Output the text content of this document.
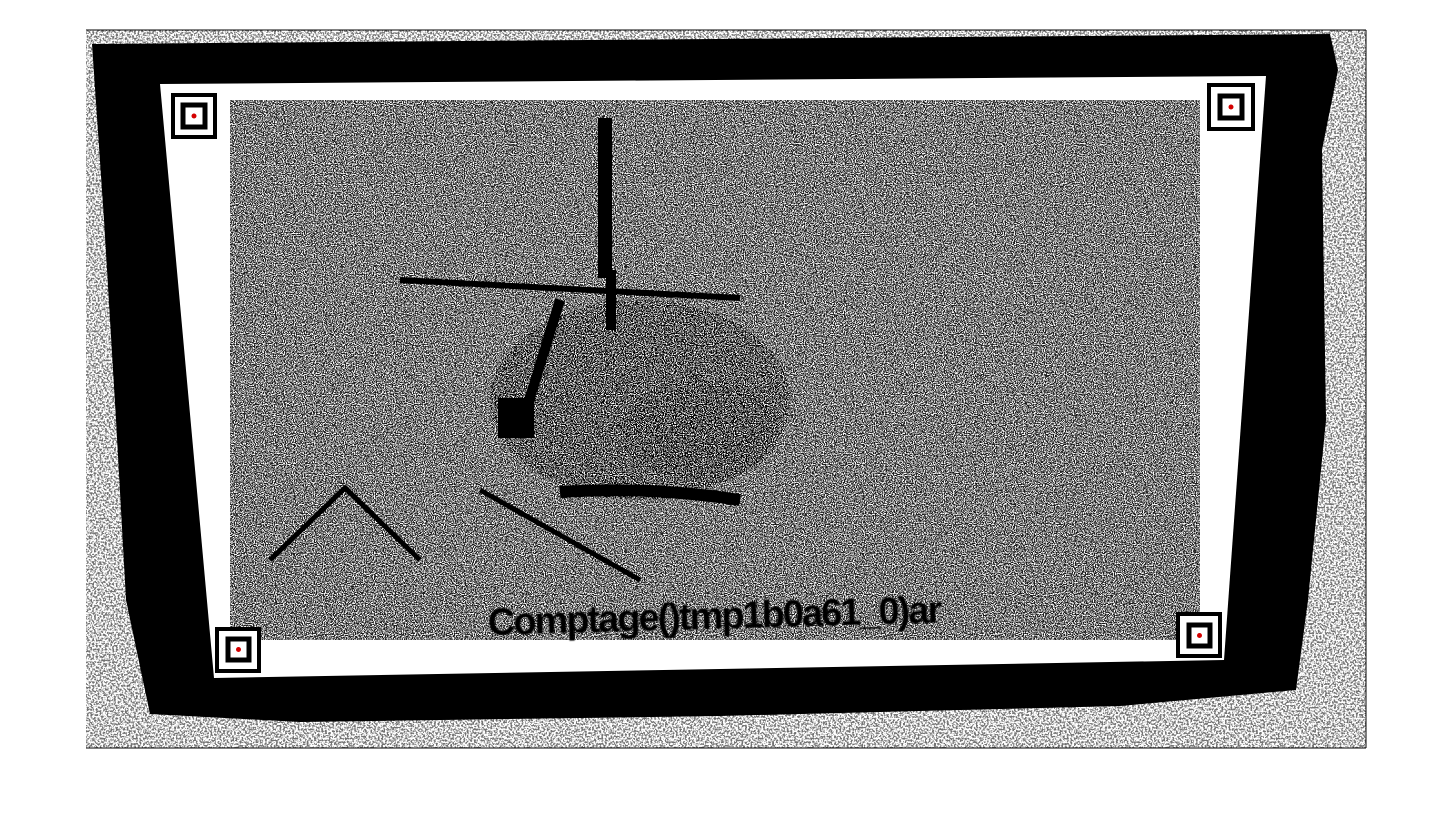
Comptage()tmp1b0a61_0)ar
